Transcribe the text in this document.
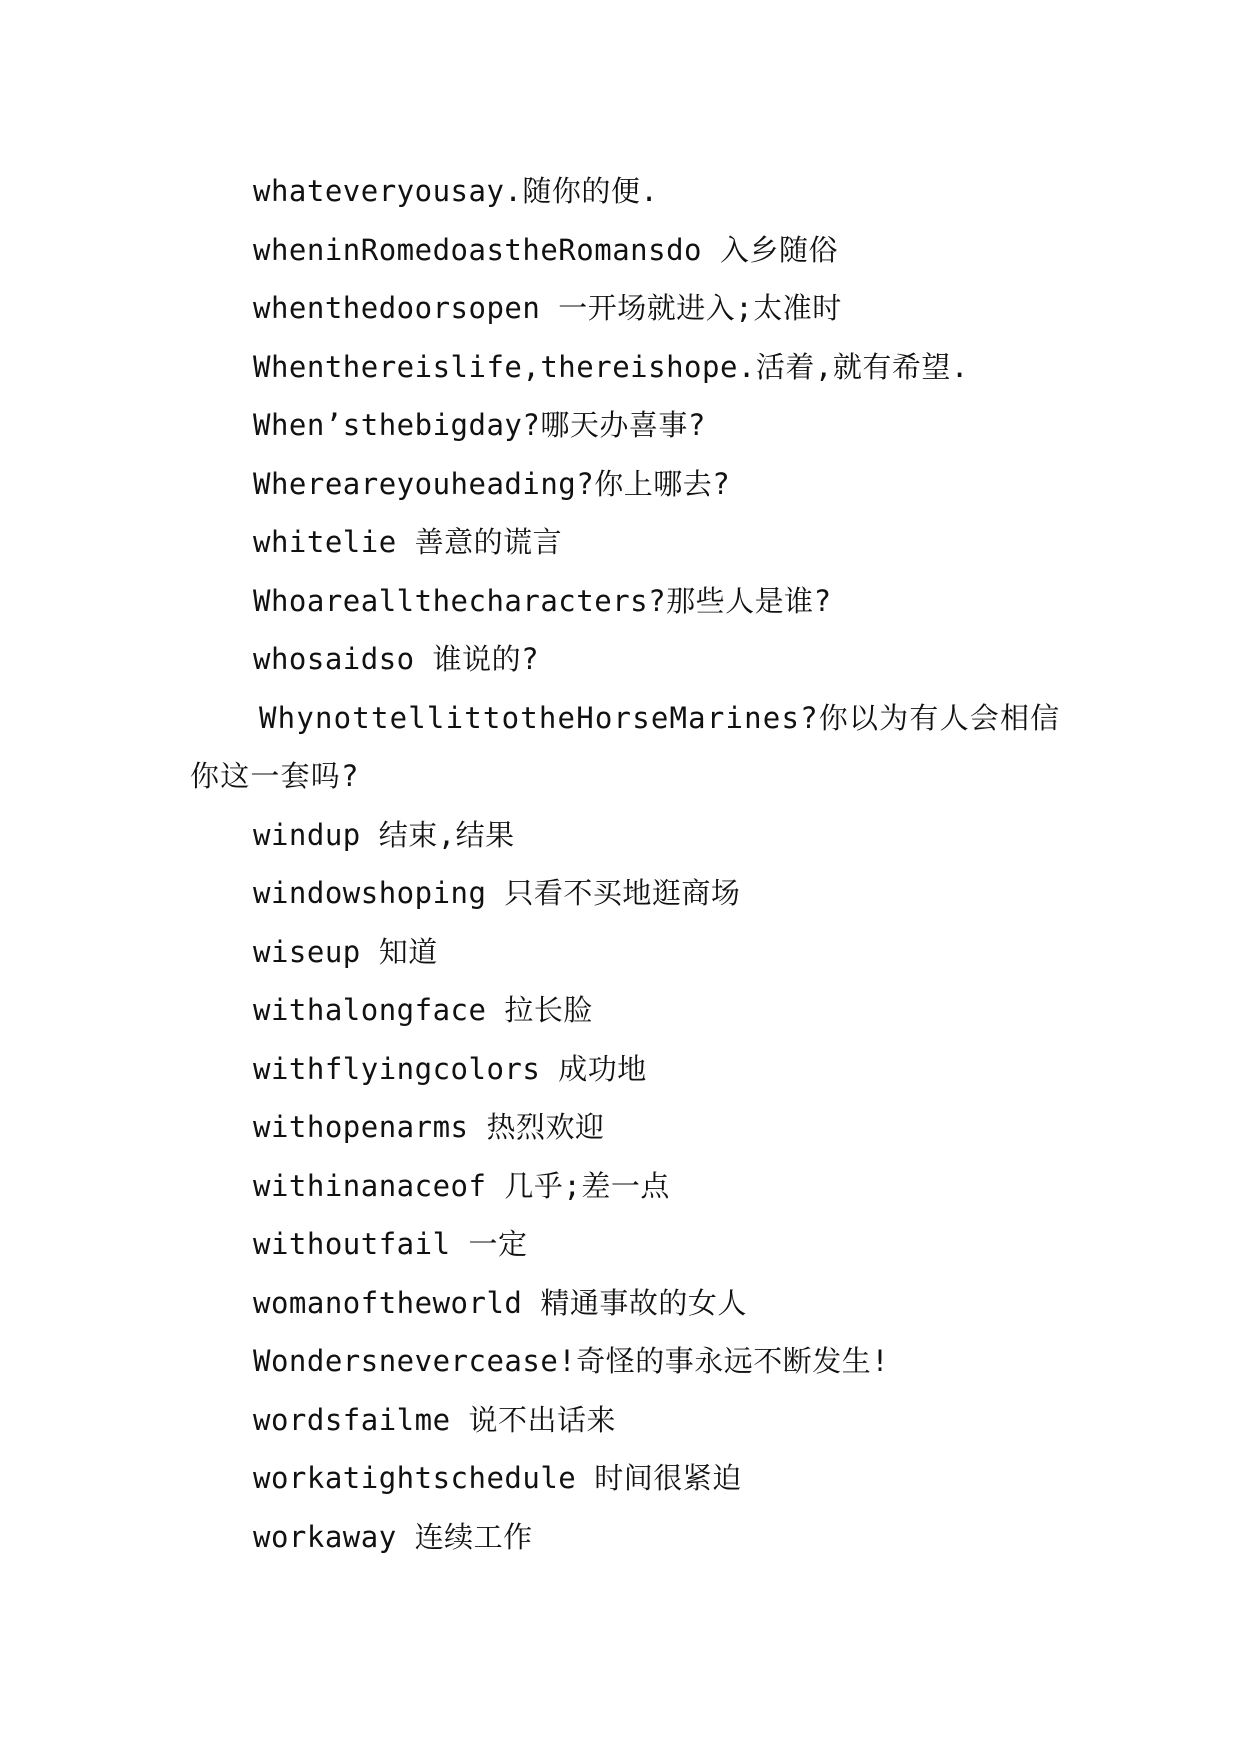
whateveryousay.随你的便.
wheninRomedoastheRomansdo 入乡随俗
whenthedoorsopen 一开场就进入;太准时
Whenthereislife,thereishope.活着,就有希望.
When’sthebigday?哪天办喜事?
Whereareyouheading?你上哪去?
whitelie 善意的谎言
Whoareallthecharacters?那些人是谁?
whosaidso 谁说的?
WhynottellittotheHorseMarines?你以为有人会相信你这一套吗?
windup 结束,结果
windowshoping 只看不买地逛商场
wiseup 知道
withalongface 拉长脸
withflyingcolors 成功地
withopenarms 热烈欢迎
withinanaceof 几乎;差一点
withoutfail 一定
womanoftheworld 精通事故的女人
Wondersnevercease!奇怪的事永远不断发生!
wordsfailme 说不出话来
workatightschedule 时间很紧迫
workaway 连续工作
